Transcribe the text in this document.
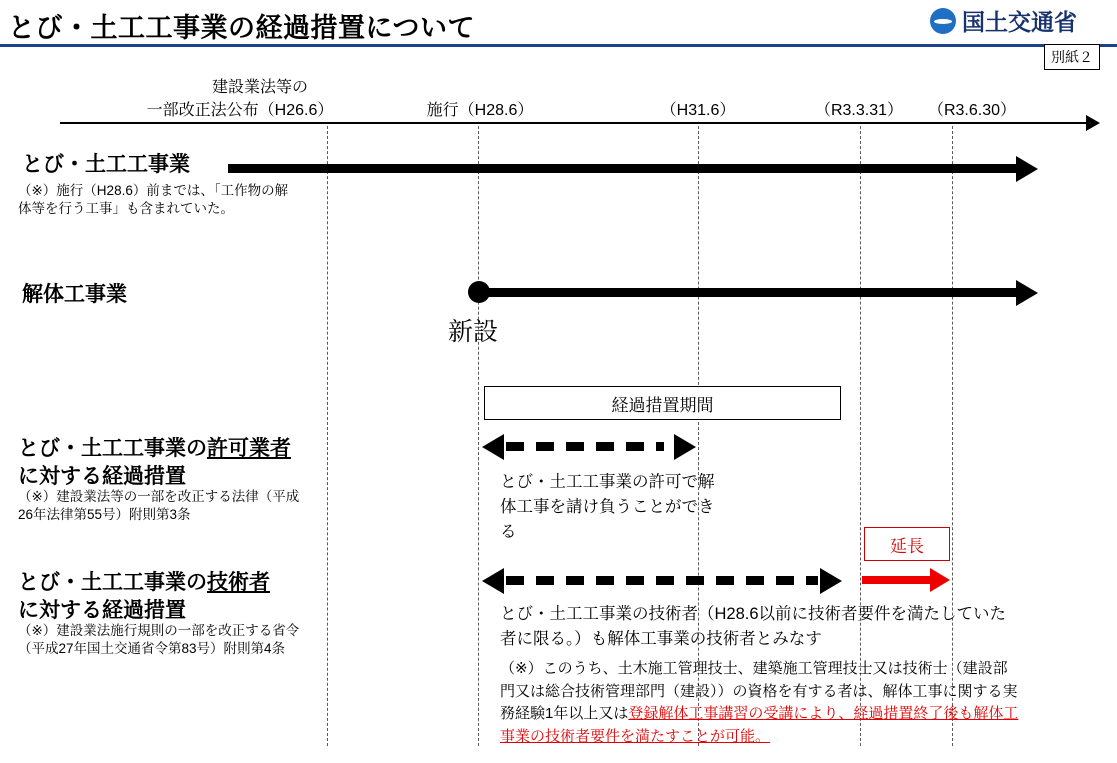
とび・土工工事業の経過措置について	国土交通省
別紙２
建設業法等の
一部改正法公布（H26.6）	施行（H28.6）	（H31.6）	（R3.3.31）	（R3.6.30）
とび・土工工事業
（※）施行（H28.6）前までは、「工作物の解体等を行う工事」も含まれていた。
解体工事業
新設
経過措置期間
とび・土工工事業の許可業者
に対する経過措置
（※）建設業法等の一部を改正する法律（平成26年法律第55号）附則第3条
とび・土工工事業の許可で解体工事を請け負うことができる
延長
とび・土工工事業の技術者
に対する経過措置
（※）建設業法施行規則の一部を改正する省令（平成27年国土交通省令第83号）附則第4条
とび・土工工事業の技術者（H28.6以前に技術者要件を満たしていた者に限る。）も解体工事業の技術者とみなす
（※）このうち、土木施工管理技士、建築施工管理技士又は技術士（建設部門又は総合技術管理部門（建設））の資格を有する者は、解体工事に関する実務経験1年以上又は登録解体工事講習の受講により、経過措置終了後も解体工事業の技術者要件を満たすことが可能。
